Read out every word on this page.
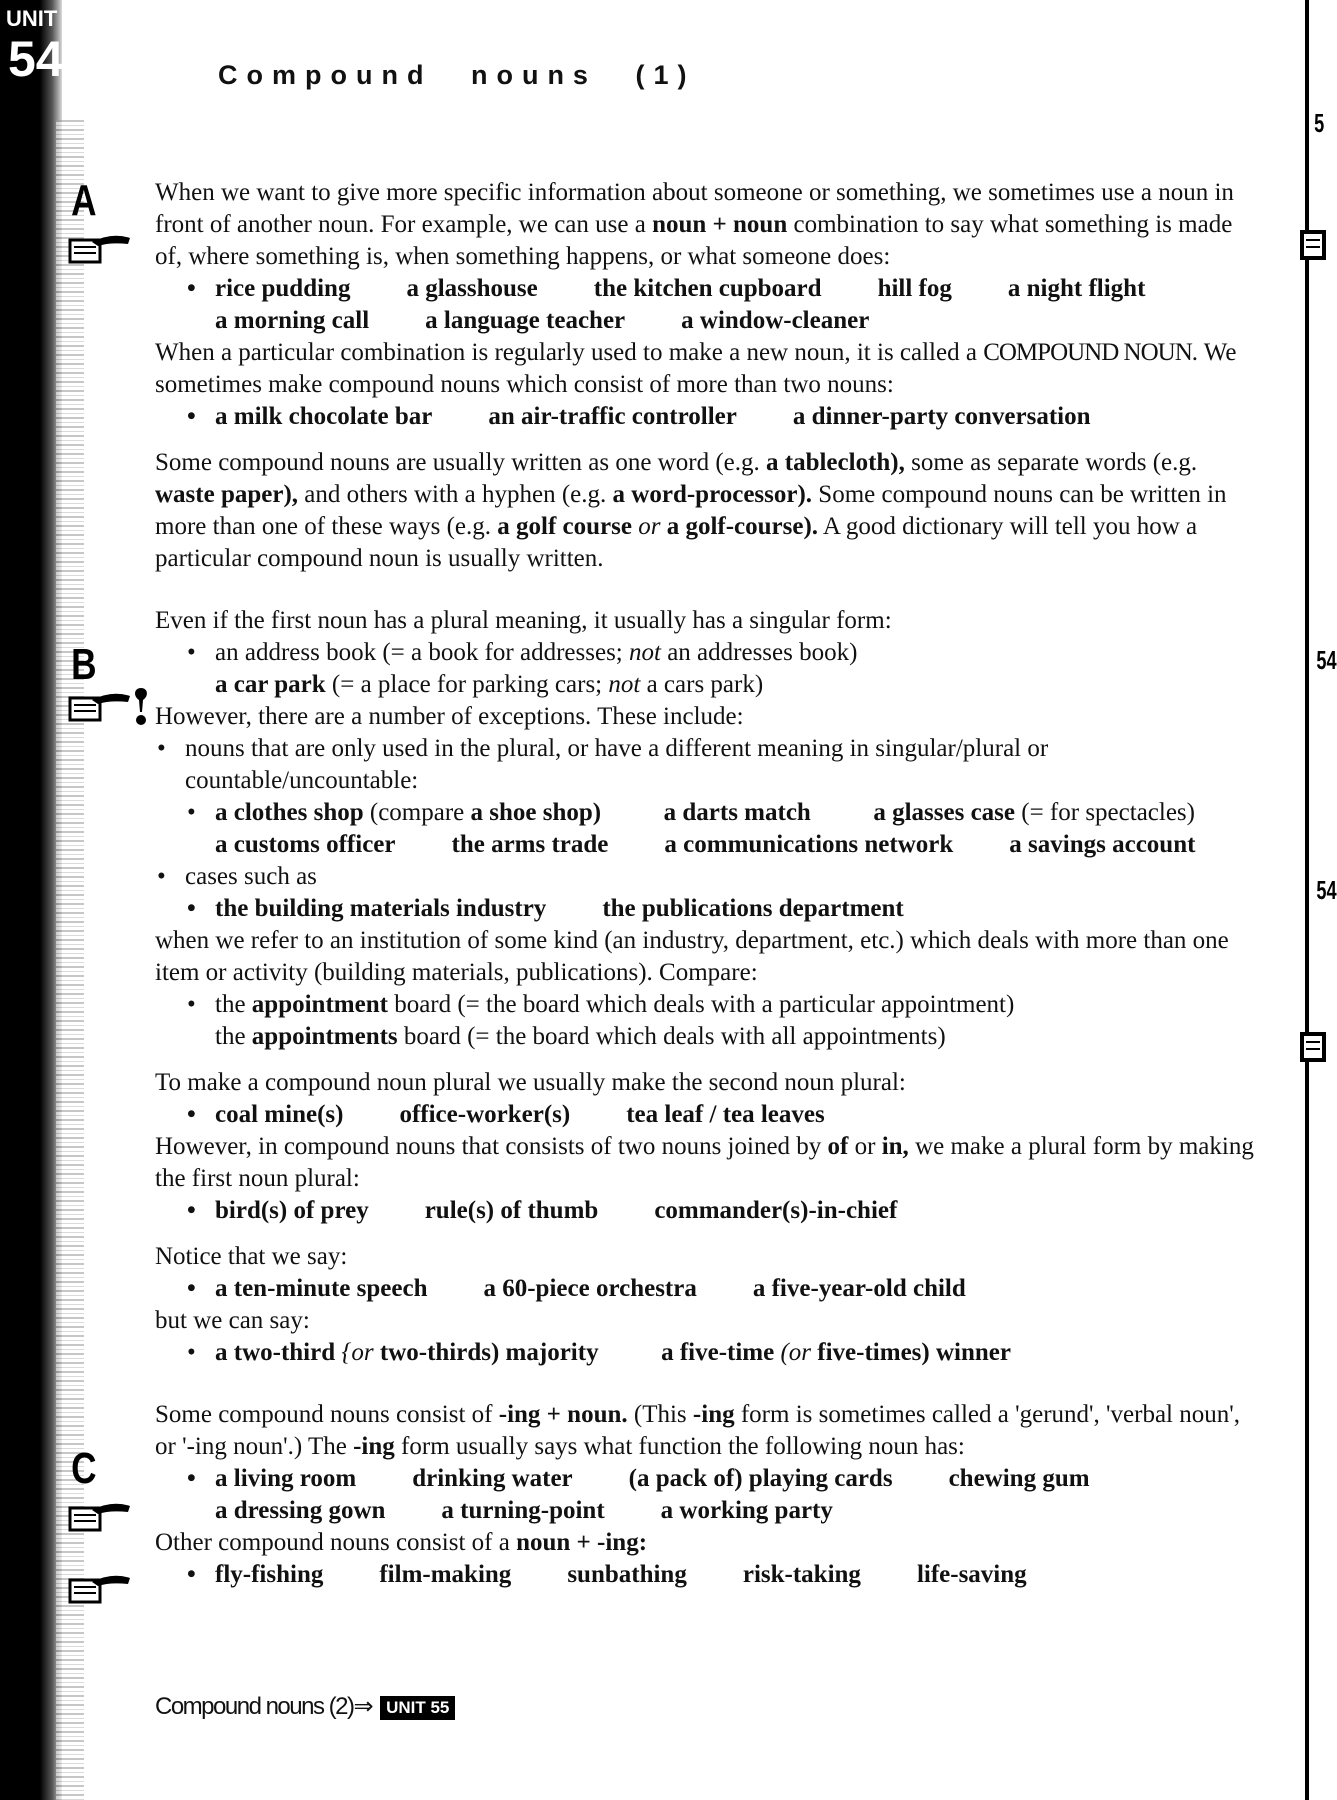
UNIT
54
A
B
C
5
54
54
Compound nouns (1)

When we want to give more specific information about someone or something, we sometimes use a noun in front of another noun. For example, we can use a noun + noun combination to say what something is made of, where something is, when something happens, or what someone does:

• rice pudding a glasshouse the kitchen cupboard hill fog a night flight
a morning call a language teacher a window-cleaner

When a particular combination is regularly used to make a new noun, it is called a COMPOUND NOUN. We sometimes make compound nouns which consist of more than two nouns:

• a milk chocolate bar an air-traffic controller a dinner-party conversation

Some compound nouns are usually written as one word (e.g. a tablecloth), some as separate words (e.g. waste paper), and others with a hyphen (e.g. a word-processor). Some compound nouns can be written in more than one of these ways (e.g. a golf course or a golf-course). A good dictionary will tell you how a particular compound noun is usually written.

Even if the first noun has a plural meaning, it usually has a singular form:

• an address book (= a book for addresses; not an addresses book)
a car park (= a place for parking cars; not a cars park)

However, there are a number of exceptions. These include:

• nouns that are only used in the plural, or have a different meaning in singular/plural or countable/uncountable:
• a clothes shop (compare a shoe shop)	a darts match	a glasses case (= for spectacles)
a customs officer the arms trade a communications network a savings account
• cases such as
• the building materials industry the publications department

when we refer to an institution of some kind (an industry, department, etc.) which deals with more than one item or activity (building materials, publications). Compare:

• the appointment board (= the board which deals with a particular appointment)
the appointments board (= the board which deals with all appointments)

To make a compound noun plural we usually make the second noun plural:

• coal mine(s) office-worker(s) tea leaf / tea leaves

However, in compound nouns that consists of two nouns joined by of or in, we make a plural form by making the first noun plural:

• bird(s) of prey rule(s) of thumb commander(s)-in-chief

Notice that we say:

• a ten-minute speech a 60-piece orchestra a five-year-old child

but we can say:

• a two-third {or two-thirds) majority	a five-time (or five-times) winner

Some compound nouns consist of -ing + noun. (This -ing form is sometimes called a 'gerund', 'verbal noun', or '-ing noun'.) The -ing form usually says what function the following noun has:

• a living room drinking water (a pack of) playing cards chewing gum
a dressing gown a turning-point a working party

Other compound nouns consist of a noun + -ing:

• fly-fishing film-making sunbathing risk-taking life-saving
Compound nouns (2)⇒ UNIT 55
